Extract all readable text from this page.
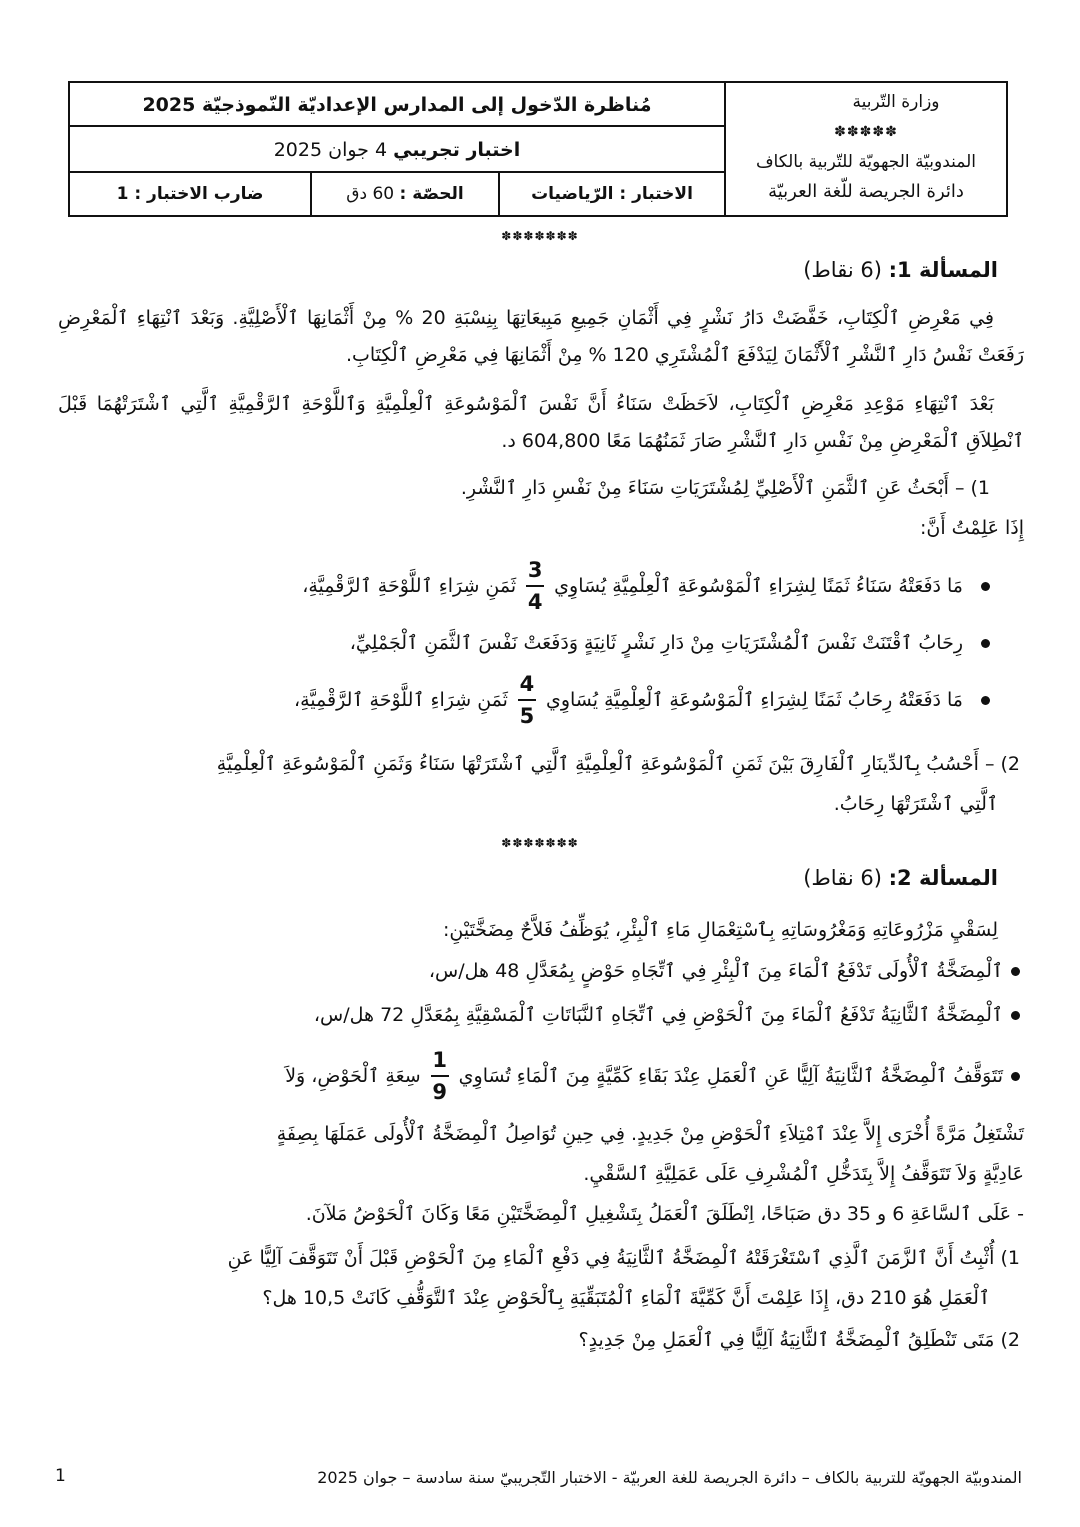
وزارة التّربية
✽✽✽✽✽
المندوبيّة الجهويّة للتّربية بالكاف
دائرة الجريصة للّغة العربيّة
مُناظرة الدّخول إلى المدارس الإعداديّة النّموذجيّة 2025
اختبار تجريبي 4 جوان 2025
الاختبار : الرّياضيات
الحصّة : 60 دق
ضارب الاختبار : 1
✽✽✽✽✽✽✽
المسألة 1: (6 نقاط)
فِي مَعْرِضِ ٱلْكِتَابِ، خَفَّضَتْ دَارُ نَشْرٍ فِي أَثْمَانِ جَمِيعِ مَبِيعَاتِهَا بِنِسْبَةِ 20 % مِنْ أَثْمَانِهَا ٱلْأَصْلِيَّةِ. وَبَعْدَ ٱنْتِهَاءِ ٱلْمَعْرِضِ رَفَعَتْ نَفْسُ دَارِ ٱلنَّشْرِ ٱلْأَثْمَانَ لِيَدْفَعَ ٱلْمُشْتَرِي 120 % مِنْ أَثْمَانِهَا فِي مَعْرِضِ ٱلْكِتَابِ.
بَعْدَ ٱنْتِهَاءِ مَوْعِدِ مَعْرِضِ ٱلْكِتَابِ، لاَحَظَتْ سَنَاءُ أَنَّ نَفْسَ ٱلْمَوْسُوعَةِ ٱلْعِلْمِيَّةِ وَٱللَّوْحَةِ ٱلرَّقْمِيَّةِ ٱلَّتِي ٱشْتَرَتْهُمَا قَبْلَ ٱنْطِلاَقِ ٱلْمَعْرِضِ مِنْ نَفْسِ دَارِ ٱلنَّشْرِ صَارَ ثَمَنُهُمَا مَعًا 604,800 د.
1) – أَبْحَثُ عَنِ ٱلثَّمَنِ ٱلْأَصْلِيِّ لِمُشْتَرَيَاتِ سَنَاءَ مِنْ نَفْسِ دَارِ ٱلنَّشْرِ.
إِذَا عَلِمْتُ أَنَّ:
مَا دَفَعَتْهُ سَنَاءُ ثَمَنًا لِشِرَاءِ ٱلْمَوْسُوعَةِ ٱلْعِلْمِيَّةِ يُسَاوِي
$\frac{3}{4}$
ثَمَنِ شِرَاءِ ٱللَّوْحَةِ ٱلرَّقْمِيَّةِ،
رِحَابُ ٱقْتَنَتْ نَفْسَ ٱلْمُشْتَرَيَاتِ مِنْ دَارِ نَشْرٍ ثَانِيَةٍ وَدَفَعَتْ نَفْسَ ٱلثَّمَنِ ٱلْجَمْلِيِّ،
مَا دَفَعَتْهُ رِحَابُ ثَمَنًا لِشِرَاءِ ٱلْمَوْسُوعَةِ ٱلْعِلْمِيَّةِ يُسَاوِي
$\frac{4}{5}$
ثَمَنِ شِرَاءِ ٱللَّوْحَةِ ٱلرَّقْمِيَّةِ،
2) – أَحْسُبُ بِٱلدِّينَارِ ٱلْفَارِقَ بَيْنَ ثَمَنِ ٱلْمَوْسُوعَةِ ٱلْعِلْمِيَّةِ ٱلَّتِي ٱشْتَرَتْهَا سَنَاءُ وَثَمَنِ ٱلْمَوْسُوعَةِ ٱلْعِلْمِيَّةِ
ٱلَّتِي ٱشْتَرَتْهَا رِحَابُ.
✽✽✽✽✽✽✽
المسألة 2: (6 نقاط)
لِسَقْيِ مَزْرُوعَاتِهِ وَمَغْرُوسَاتِهِ بِٱسْتِعْمَالِ مَاءِ ٱلْبِئْرِ، يُوَظِّفُ فَلاَّحٌ مِضَخَّتَيْنِ:
ٱلْمِضَخَّةُ ٱلْأُولَى تَدْفَعُ ٱلْمَاءَ مِنَ ٱلْبِئْرِ فِي ٱتِّجَاهِ حَوْضٍ بِمُعَدَّلِ 48 هل/س،
ٱلْمِضَخَّةُ ٱلثَّانِيَةُ تَدْفَعُ ٱلْمَاءَ مِنَ ٱلْحَوْضِ فِي ٱتِّجَاهِ ٱلنَّبَاتَاتِ ٱلْمَسْقِيَّةِ بِمُعَدَّلِ 72 هل/س،
تَتَوَقَّفُ ٱلْمِضَخَّةُ ٱلثَّانِيَةُ آلِيًّا عَنِ ٱلْعَمَلِ عِنْدَ بَقَاءِ كَمِّيَّةٍ مِنَ ٱلْمَاءِ تُسَاوِي
$\frac{1}{9}$
سِعَةِ ٱلْحَوْضِ، وَلاَ
تَشْتَغِلُ مَرَّةً أُخْرَى إِلاَّ عِنْدَ ٱمْتِلاَءِ ٱلْحَوْضِ مِنْ جَدِيدٍ. فِي حِينِ تُوَاصِلُ ٱلْمِضَخَّةُ ٱلْأُولَى عَمَلَهَا بِصِفَةٍ
عَادِيَّةٍ وَلاَ تَتَوَقَّفُ إِلاَّ بِتَدَخُّلِ ٱلْمُشْرِفِ عَلَى عَمَلِيَّةِ ٱلسَّقْيِ.
- عَلَى ٱلسَّاعَةِ 6 و 35 دق صَبَاحًا، اِنْطَلَقَ ٱلْعَمَلُ بِتَشْغِيلِ ٱلْمِضَخَّتَيْنِ مَعًا وَكَانَ ٱلْحَوْضُ مَلآنَ.
1) أُثْبِتُ أَنَّ ٱلزَّمَنَ ٱلَّذِي ٱسْتَغْرَقَتْهُ ٱلْمِضَخَّةُ ٱلثَّانِيَةُ فِي دَفْعِ ٱلْمَاءِ مِنَ ٱلْحَوْضِ قَبْلَ أَنْ تَتَوَقَّفَ آلِيًّا عَنِ
ٱلْعَمَلِ هُوَ 210 دق، إِذَا عَلِمْتَ أَنَّ كَمِّيَّةَ ٱلْمَاءِ ٱلْمُتَبَقِّيَةِ بِٱلْحَوْضِ عِنْدَ ٱلتَّوَقُّفِ كَانَتْ 10,5 هل؟
2) مَتَى تَنْطَلِقُ ٱلْمِضَخَّةُ ٱلثَّانِيَةُ آلِيًّا فِي ٱلْعَمَلِ مِنْ جَدِيدٍ؟
المندوبيّة الجهويّة للتربية بالكاف – دائرة الجريصة للغة العربيّة - الاختبار التّجريبيّ سنة سادسة – جوان 2025
1
